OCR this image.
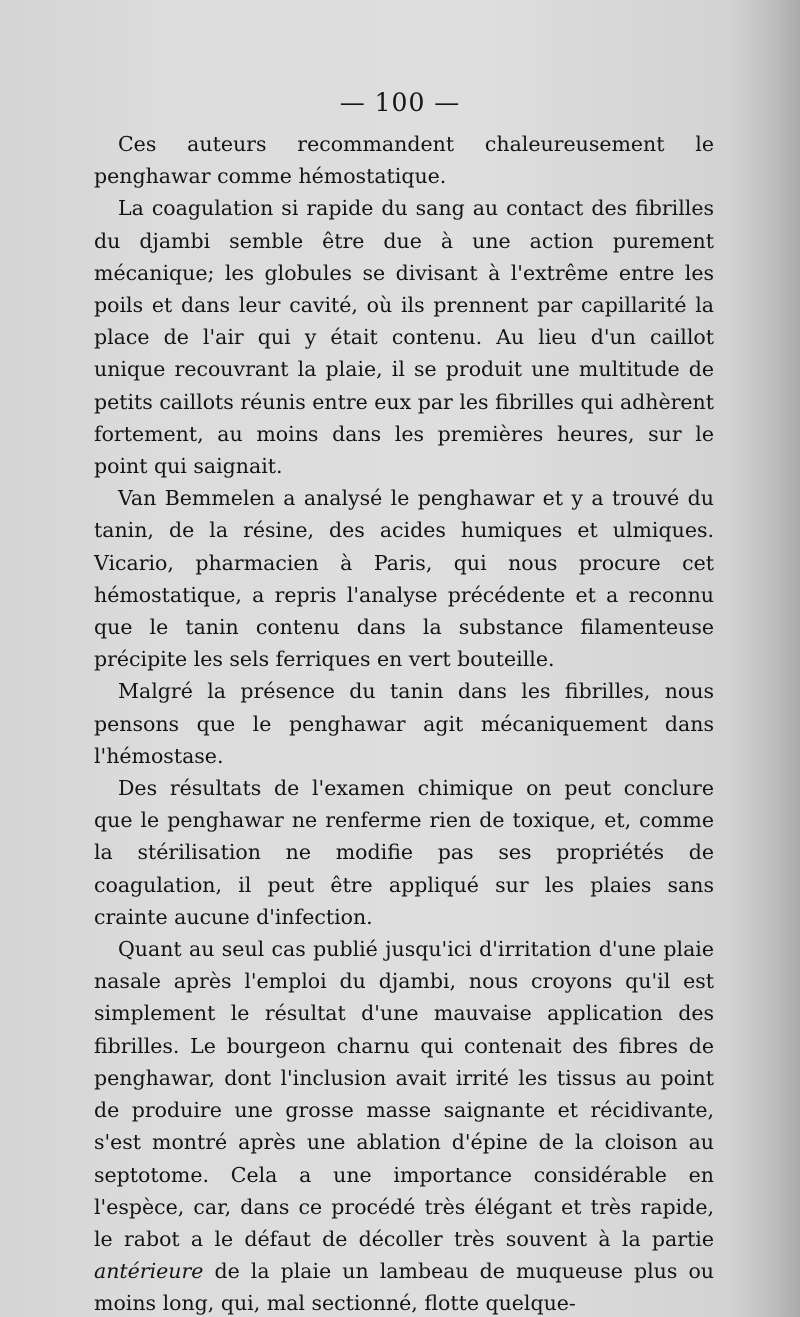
— 100 —

Ces auteurs recommandent chaleureusement le penghawar comme hémostatique.

La coagulation si rapide du sang au contact des fibrilles du djambi semble être due à une action purement mécanique; les globules se divisant à l'extrême entre les poils et dans leur cavité, où ils prennent par capillarité la place de l'air qui y était contenu. Au lieu d'un caillot unique recouvrant la plaie, il se produit une multitude de petits caillots réunis entre eux par les fibrilles qui adhèrent fortement, au moins dans les premières heures, sur le point qui saignait.

Van Bemmelen a analysé le penghawar et y a trouvé du tanin, de la résine, des acides humiques et ulmiques. Vicario, pharmacien à Paris, qui nous procure cet hémostatique, a repris l'analyse précédente et a reconnu que le tanin contenu dans la substance filamenteuse précipite les sels ferriques en vert bouteille.

Malgré la présence du tanin dans les fibrilles, nous pensons que le penghawar agit mécaniquement dans l'hémostase.

Des résultats de l'examen chimique on peut conclure que le penghawar ne renferme rien de toxique, et, comme la stérilisation ne modifie pas ses propriétés de coagulation, il peut être appliqué sur les plaies sans crainte aucune d'infection.

Quant au seul cas publié jusqu'ici d'irritation d'une plaie nasale après l'emploi du djambi, nous croyons qu'il est simplement le résultat d'une mauvaise application des fibrilles. Le bourgeon charnu qui contenait des fibres de penghawar, dont l'inclusion avait irrité les tissus au point de produire une grosse masse saignante et récidivante, s'est montré après une ablation d'épine de la cloison au septotome. Cela a une importance considérable en l'espèce, car, dans ce procédé très élégant et très rapide, le rabot a le défaut de décoller très souvent à la partie antérieure de la plaie un lambeau de muqueuse plus ou moins long, qui, mal sectionné, flotte quelque-
